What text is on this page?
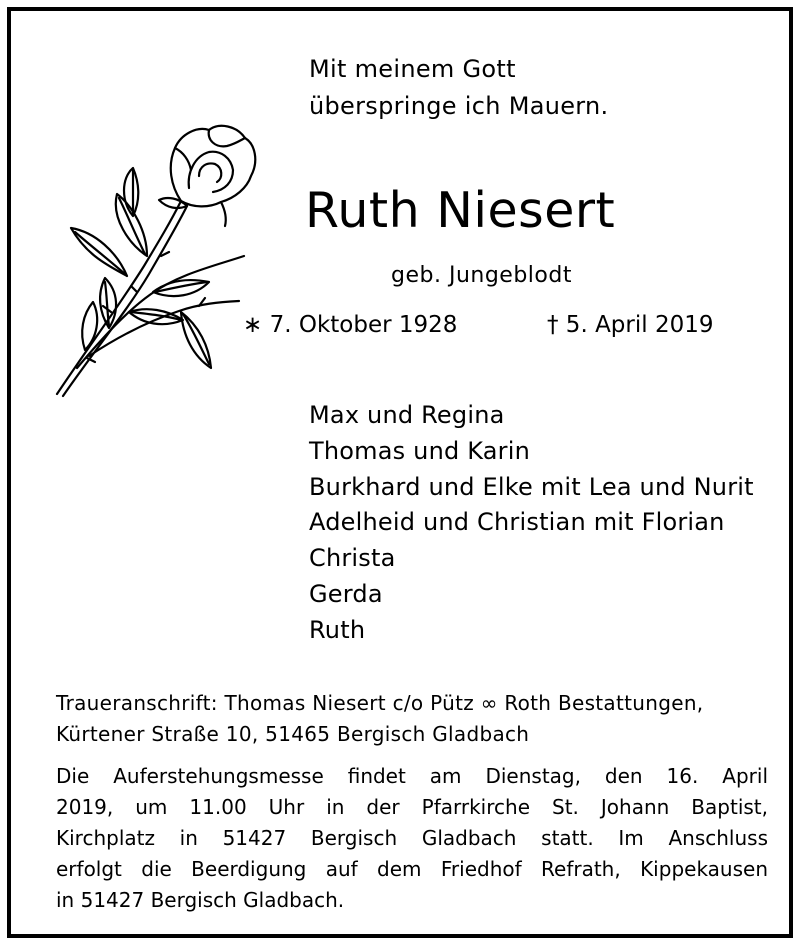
Mit meinem Gott
überspringe ich Mauern.
Ruth Niesert
geb. Jungeblodt
∗ 7. Oktober 1928	† 5. April 2019
Max und Regina
Thomas und Karin
Burkhard und Elke mit Lea und Nurit
Adelheid und Christian mit Florian
Christa
Gerda
Ruth
Traueranschrift: Thomas Niesert c/o Pütz ∞ Roth Bestattungen,
Kürtener Straße 10, 51465 Bergisch Gladbach
Die Auferstehungsmesse findet am Dienstag, den 16. April
2019, um 11.00 Uhr in der Pfarrkirche St. Johann Baptist,
Kirchplatz in 51427 Bergisch Gladbach statt. Im Anschluss
erfolgt die Beerdigung auf dem Friedhof Refrath, Kippekausen
in 51427 Bergisch Gladbach.
